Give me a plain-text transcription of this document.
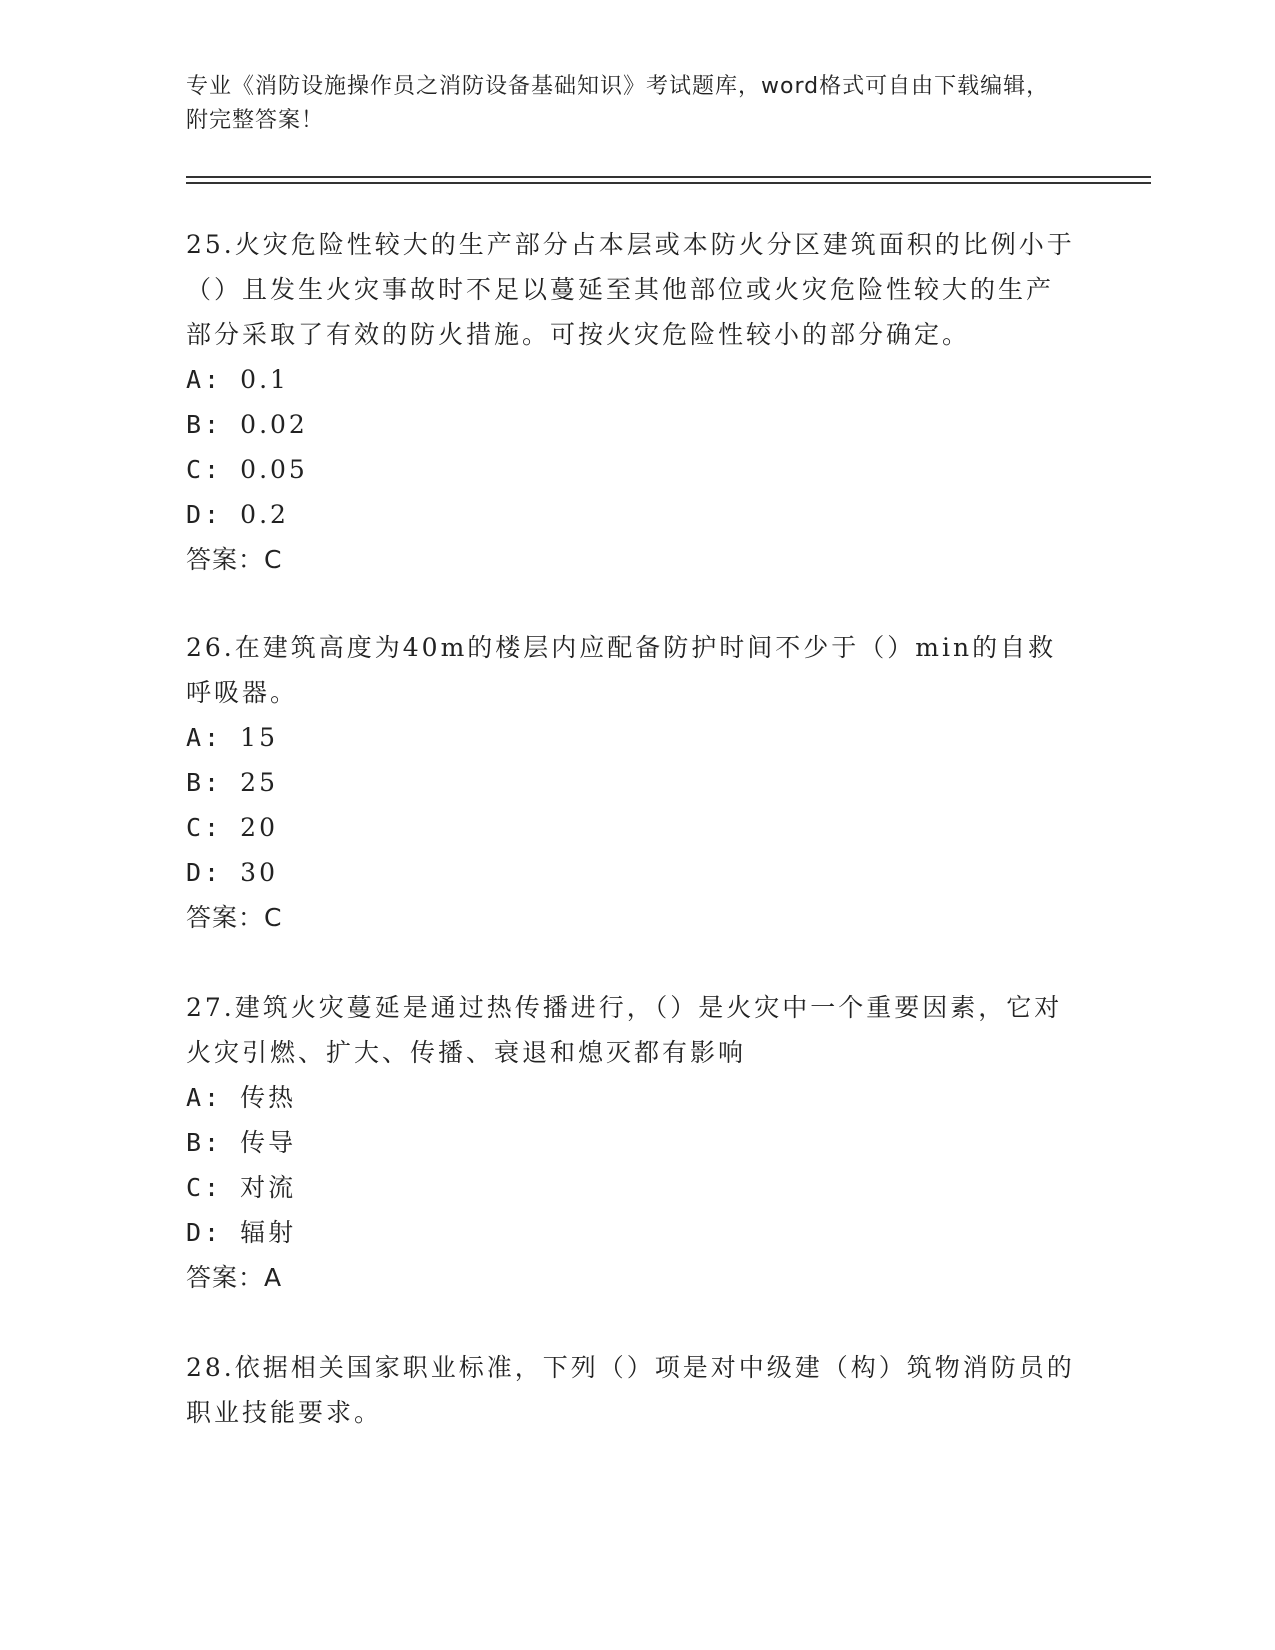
专业《消防设施操作员之消防设备基础知识》考试题库，word格式可自由下载编辑，附完整答案！

25.火灾危险性较大的生产部分占本层或本防火分区建筑面积的比例小于（）且发生火灾事故时不足以蔓延至其他部位或火灾危险性较大的生产部分采取了有效的防火措施。可按火灾危险性较小的部分确定。

A: 0.1

B: 0.02

C: 0.05

D: 0.2

答案：C

26.在建筑高度为40m的楼层内应配备防护时间不少于（）min的自救呼吸器。

A: 15

B: 25

C: 20

D: 30

答案：C

27.建筑火灾蔓延是通过热传播进行，（）是火灾中一个重要因素，它对火灾引燃、扩大、传播、衰退和熄灭都有影响

A: 传热

B: 传导

C: 对流

D: 辐射

答案：A

28.依据相关国家职业标准，下列（）项是对中级建（构）筑物消防员的职业技能要求。
